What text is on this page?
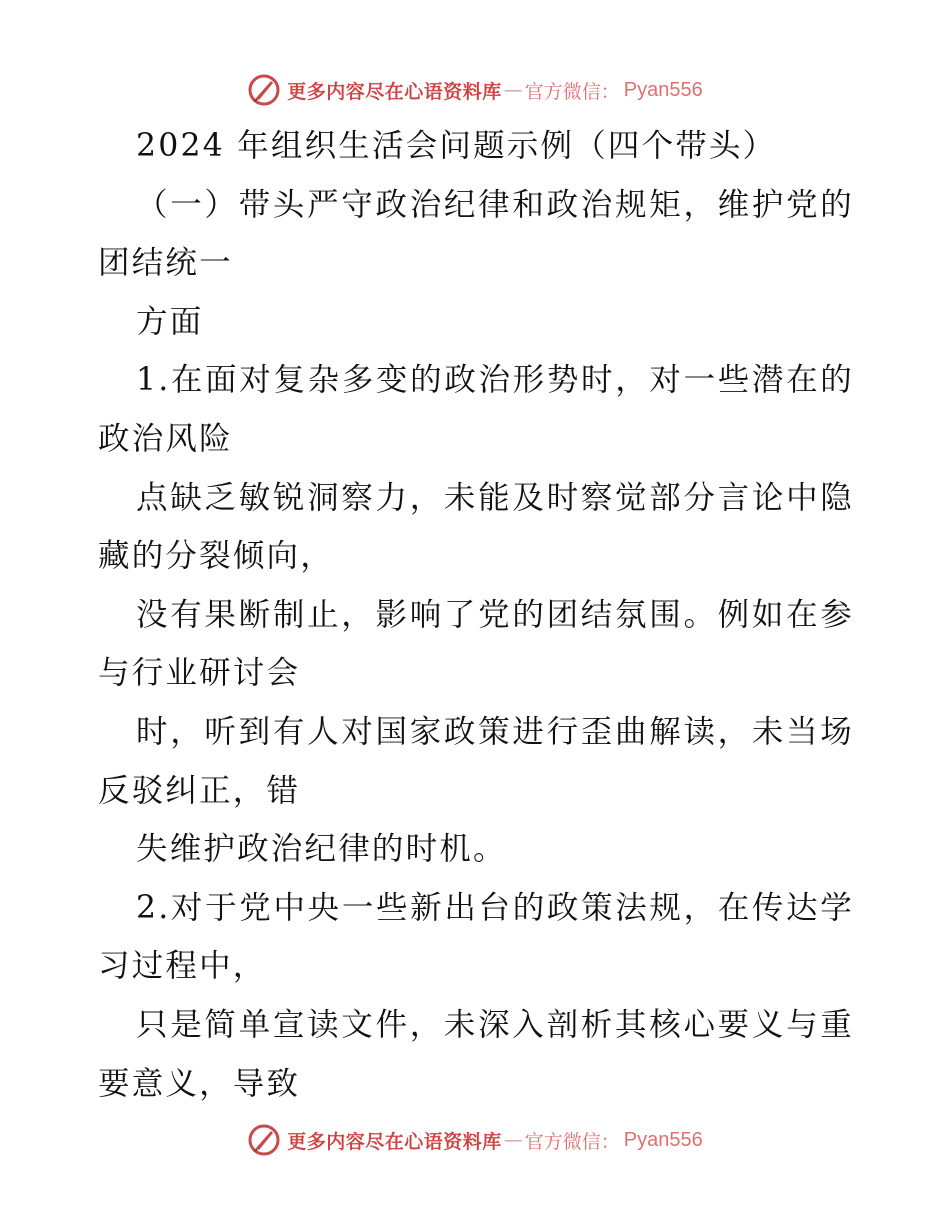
更多内容尽在心语资料库 — 官方微信： Pyan556

2024 年组织生活会问题示例（四个带头）

（一）带头严守政治纪律和政治规矩，维护党的团结统一

方面

1.在面对复杂多变的政治形势时，对一些潜在的政治风险

点缺乏敏锐洞察力，未能及时察觉部分言论中隐藏的分裂倾向，

没有果断制止，影响了党的团结氛围。例如在参与行业研讨会

时，听到有人对国家政策进行歪曲解读，未当场反驳纠正，错

失维护政治纪律的时机。

2.对于党中央一些新出台的政策法规，在传达学习过程中，

只是简单宣读文件，未深入剖析其核心要义与重要意义，导致

更多内容尽在心语资料库 — 官方微信： Pyan556
